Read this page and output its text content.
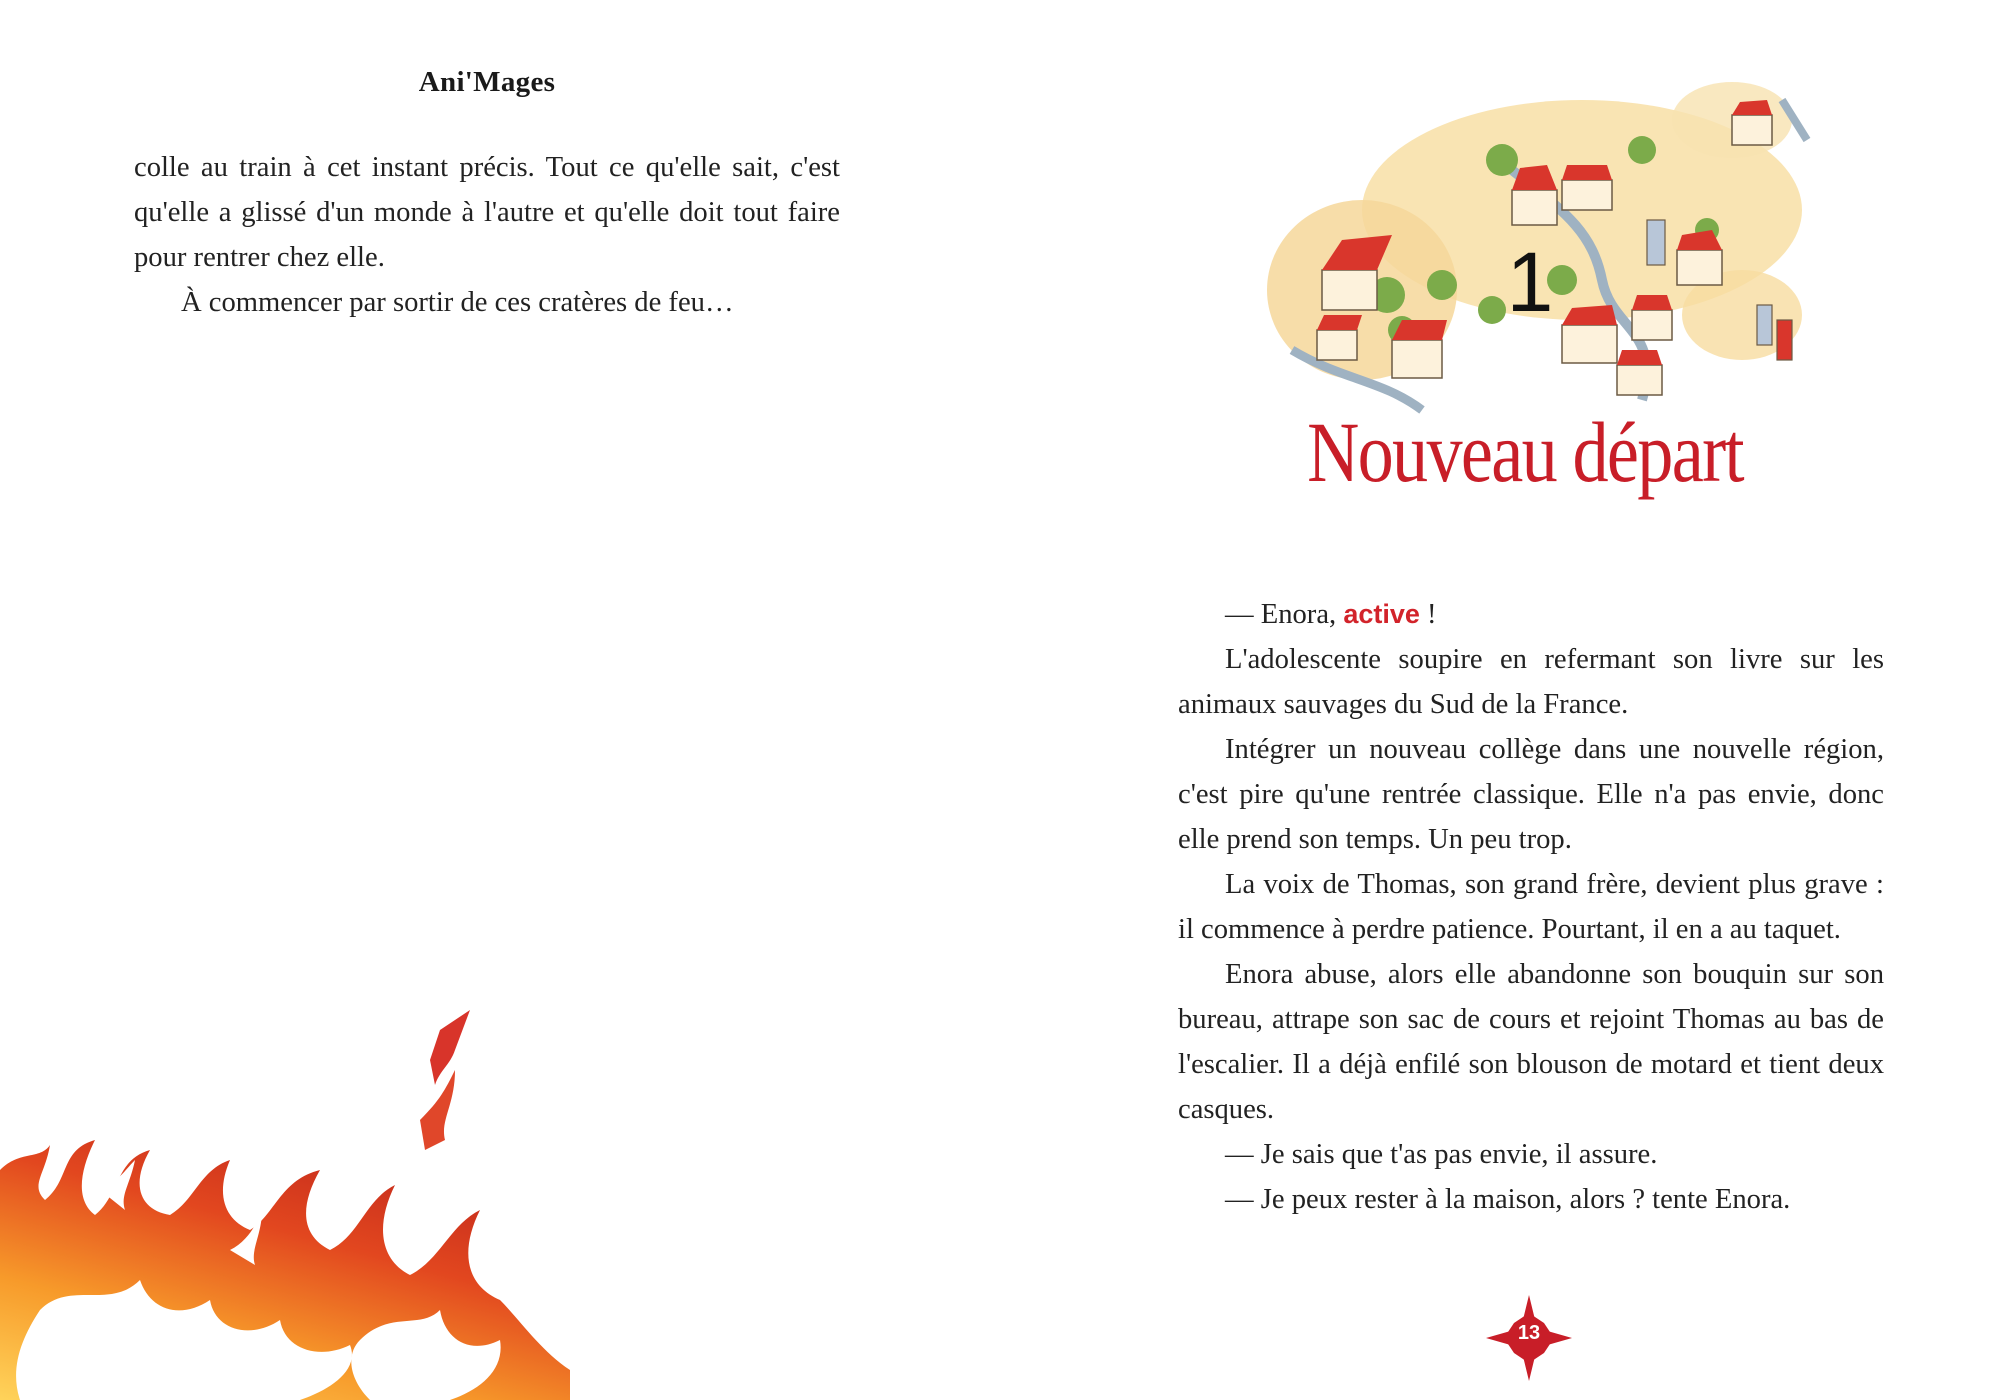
Ani'Mages

colle au train à cet instant précis. Tout ce qu'elle sait, c'est qu'elle a glissé d'un monde à l'autre et qu'elle doit tout faire pour rentrer chez elle.

À commencer par sortir de ces cratères de feu…	1
Nouveau départ

— Enora, active !

L'adolescente soupire en refermant son livre sur les animaux sauvages du Sud de la France.

Intégrer un nouveau collège dans une nouvelle région, c'est pire qu'une rentrée classique. Elle n'a pas envie, donc elle prend son temps. Un peu trop.

La voix de Thomas, son grand frère, devient plus grave : il commence à perdre patience. Pourtant, il en a au taquet.

Enora abuse, alors elle abandonne son bouquin sur son bureau, attrape son sac de cours et rejoint Thomas au bas de l'escalier. Il a déjà enfilé son blouson de motard et tient deux casques.

— Je sais que t'as pas envie, il assure.

— Je peux rester à la maison, alors ? tente Enora.

13
